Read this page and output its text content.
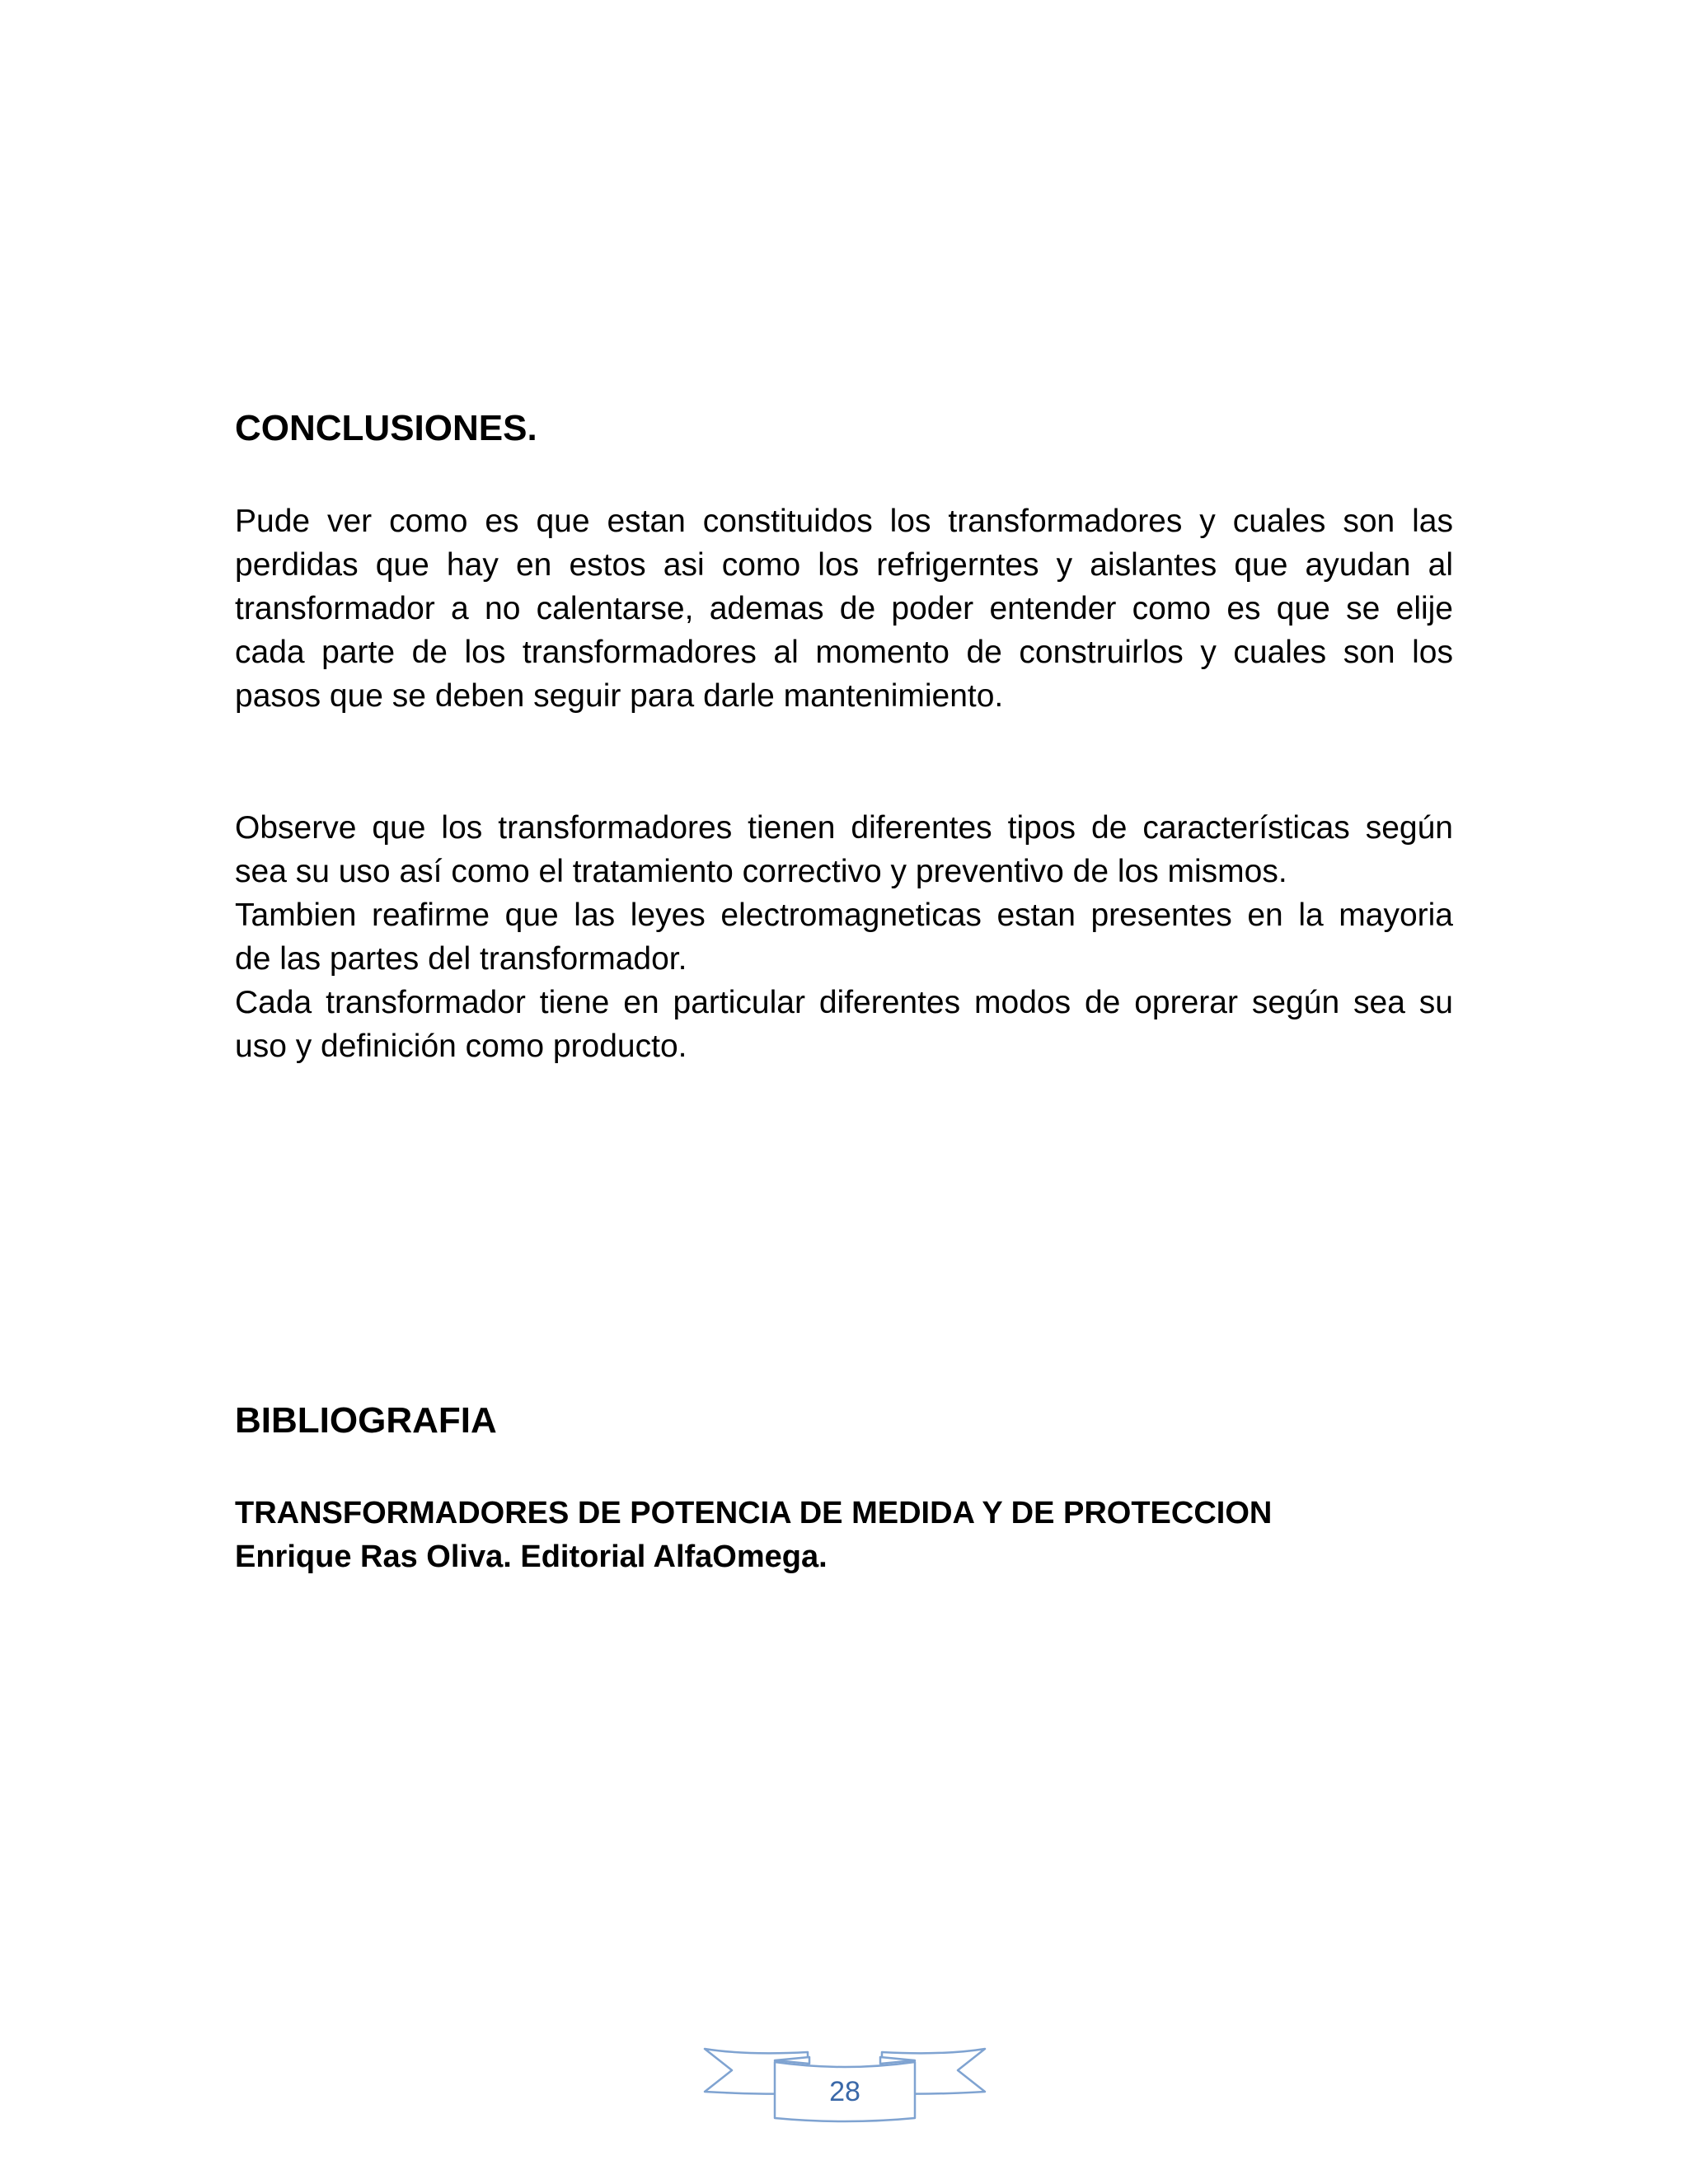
CONCLUSIONES.
Pude ver como es que estan constituidos los transformadores y cuales son las
perdidas que hay en estos asi como los refrigerntes y aislantes que ayudan al
transformador a no calentarse, ademas de poder entender como es que se elije
cada parte de los transformadores al momento de construirlos y cuales son los
pasos que se deben seguir para darle mantenimiento.
Observe que los transformadores tienen diferentes tipos de características según
sea su uso así como el tratamiento correctivo y preventivo de los mismos.
Tambien reafirme que las leyes electromagneticas estan presentes en la mayoria
de las partes del transformador.
Cada transformador tiene en particular diferentes modos de oprerar según sea su
uso y definición como producto.
BIBLIOGRAFIA

TRANSFORMADORES DE POTENCIA DE MEDIDA Y DE PROTECCION

Enrique Ras Oliva. Editorial AlfaOmega.

28
